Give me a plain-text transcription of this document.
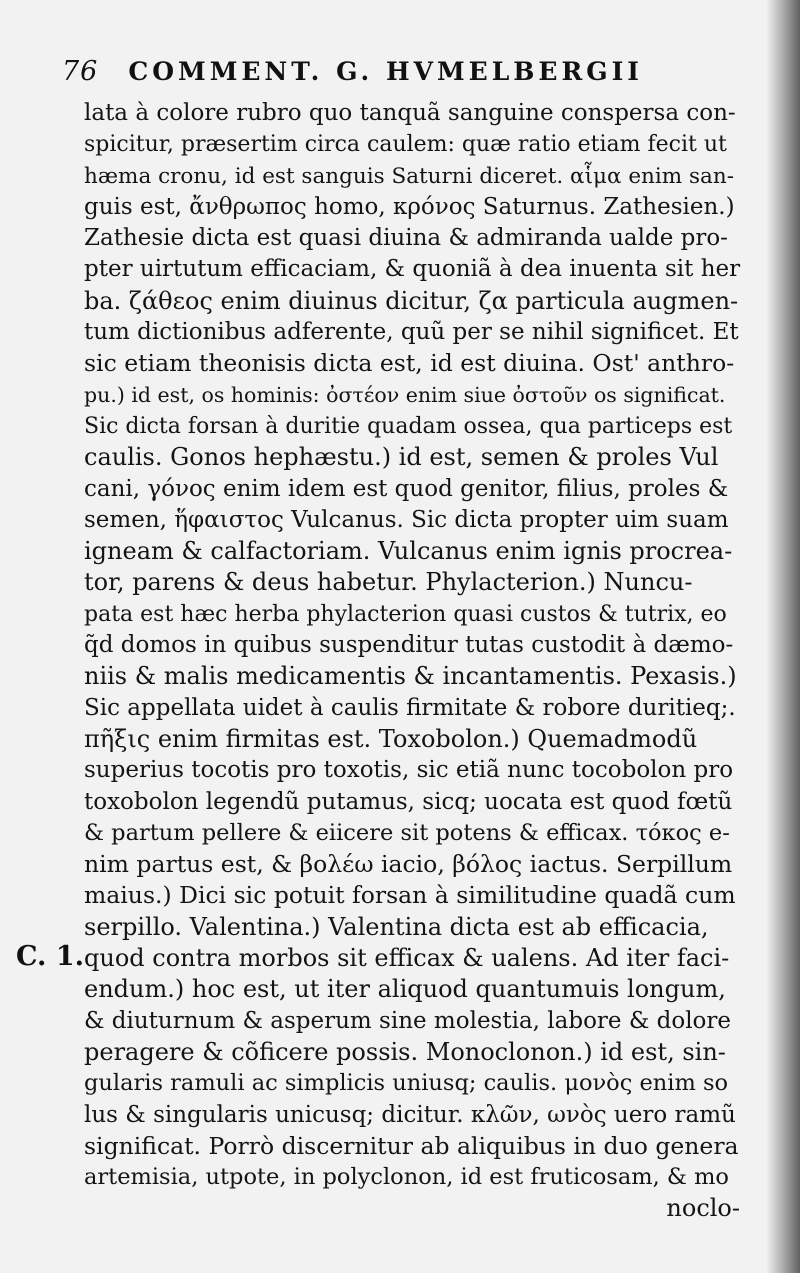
76 COMMENT. G. HVMELBERGII
C. 1.
lata à colore rubro quo tanquã sanguine conspersa con-
spicitur, præsertim circa caulem: quæ ratio etiam fecit ut
hæma cronu, id est sanguis Saturni diceret. αἷμα enim san-
guis est, ἄνθρωπος homo, κρόνος Saturnus. Zathesien.)
Zathesie dicta est quasi diuina & admiranda ualde pro-
pter uirtutum efficaciam, & quoniã à dea inuenta sit her
ba. ζάθεος enim diuinus dicitur, ζα particula augmen-
tum dictionibus adferente, quũ per se nihil significet. Et
sic etiam theonisis dicta est, id est diuina. Ost' anthro-
pu.) id est, os hominis: ὀστέον enim siue ὀστοῦν os significat.
Sic dicta forsan à duritie quadam ossea, qua particeps est
caulis. Gonos hephæstu.) id est, semen & proles Vul
cani, γόνος enim idem est quod genitor, filius, proles &
semen, ἥφαιστος Vulcanus. Sic dicta propter uim suam
igneam & calfactoriam. Vulcanus enim ignis procrea-
tor, parens & deus habetur. Phylacterion.) Nuncu-
pata est hæc herba phylacterion quasi custos & tutrix, eo
q̃d domos in quibus suspenditur tutas custodit à dæmo-
niis & malis medicamentis & incantamentis. Pexasis.)
Sic appellata uidet à caulis firmitate & robore duritieq;.
πῆξις enim firmitas est. Toxobolon.) Quemadmodũ
superius tocotis pro toxotis, sic etiã nunc tocobolon pro
toxobolon legendũ putamus, sicq; uocata est quod fœtũ
& partum pellere & eiicere sit potens & efficax. τόκος e-
nim partus est, & βολέω iacio, βόλος iactus. Serpillum
maius.) Dici sic potuit forsan à similitudine quadã cum
serpillo. Valentina.) Valentina dicta est ab efficacia,
quod contra morbos sit efficax & ualens. Ad iter faci-
endum.) hoc est, ut iter aliquod quantumuis longum,
& diuturnum & asperum sine molestia, labore & dolore
peragere & cõficere possis. Monoclonon.) id est, sin-
gularis ramuli ac simplicis uniusq; caulis. μονὸς enim so
lus & singularis unicusq; dicitur. κλῶν, ωνὸς uero ramũ
significat. Porrò discernitur ab aliquibus in duo genera
artemisia, utpote, in polyclonon, id est fruticosam, & mo
noclo-
